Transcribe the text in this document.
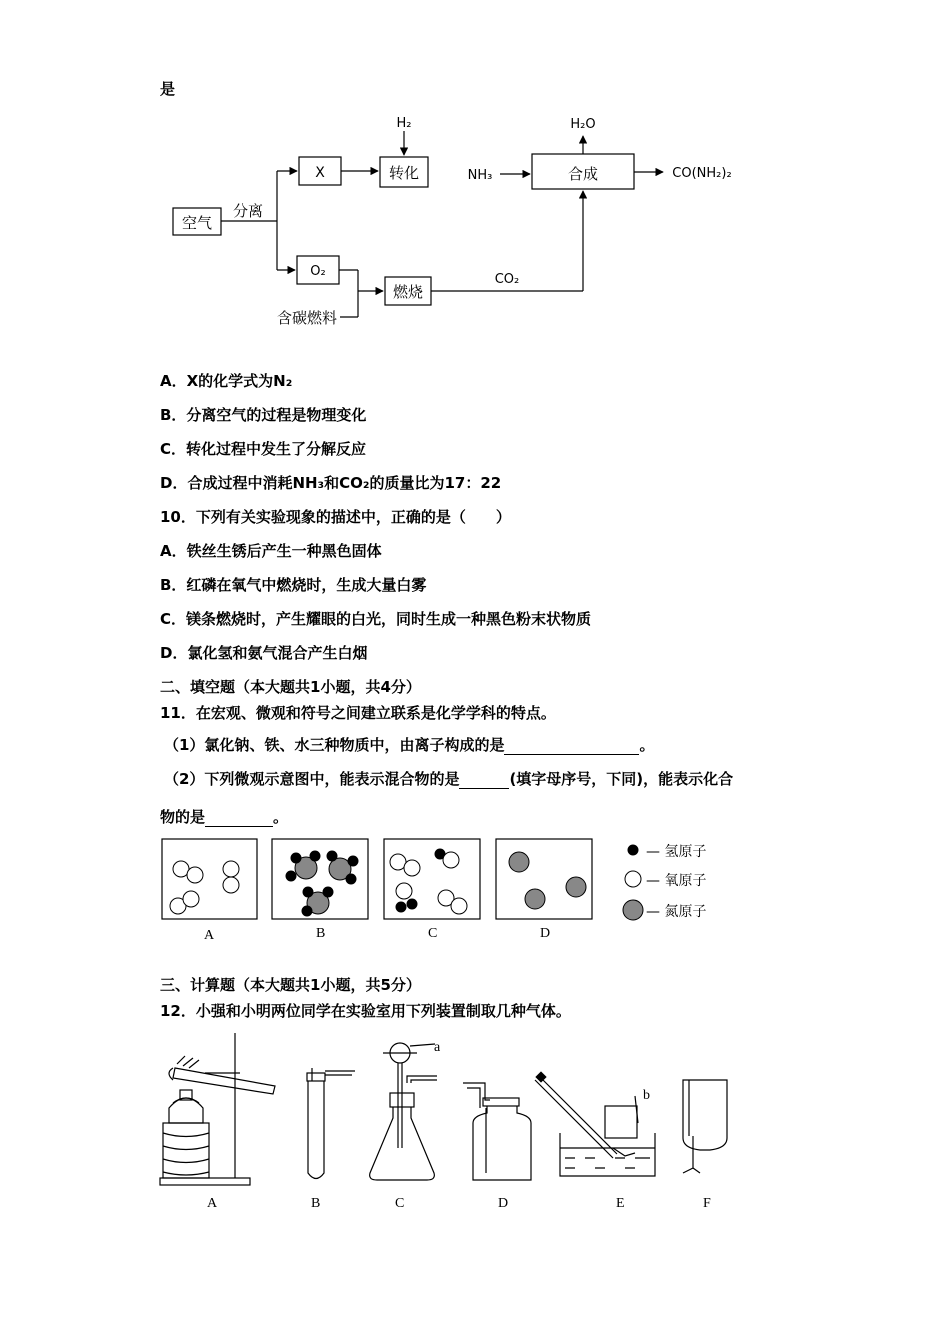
是
空气
分离
X	转化
H₂
NH₃	合成
H₂O
CO(NH₂)₂
O₂
燃烧
CO₂
含碳燃料
A．X的化学式为N₂
B．分离空气的过程是物理变化
C．转化过程中发生了分解反应
D．合成过程中消耗NH₃和CO₂的质量比为17：22
10．下列有关实验现象的描述中，正确的是（　　）
A．铁丝生锈后产生一种黑色固体
B．红磷在氧气中燃烧时，生成大量白雾
C．镁条燃烧时，产生耀眼的白光，同时生成一种黑色粉末状物质
D．氯化氢和氨气混合产生白烟
二、填空题（本大题共1小题，共4分）
11．在宏观、微观和符号之间建立联系是化学学科的特点。
（1）氯化钠、铁、水三种物质中，由离子构成的是	。
（2）下列微观示意图中，能表示混合物的是	(填字母序号，下同)，能表示化合
物的是	。
— 氢原子
— 氧原子
— 氮原子
A	B	C	D
三、计算题（本大题共1小题，共5分）
12．小强和小明两位同学在实验室用下列装置制取几种气体。
a
b
A	B	C	D	E	F
